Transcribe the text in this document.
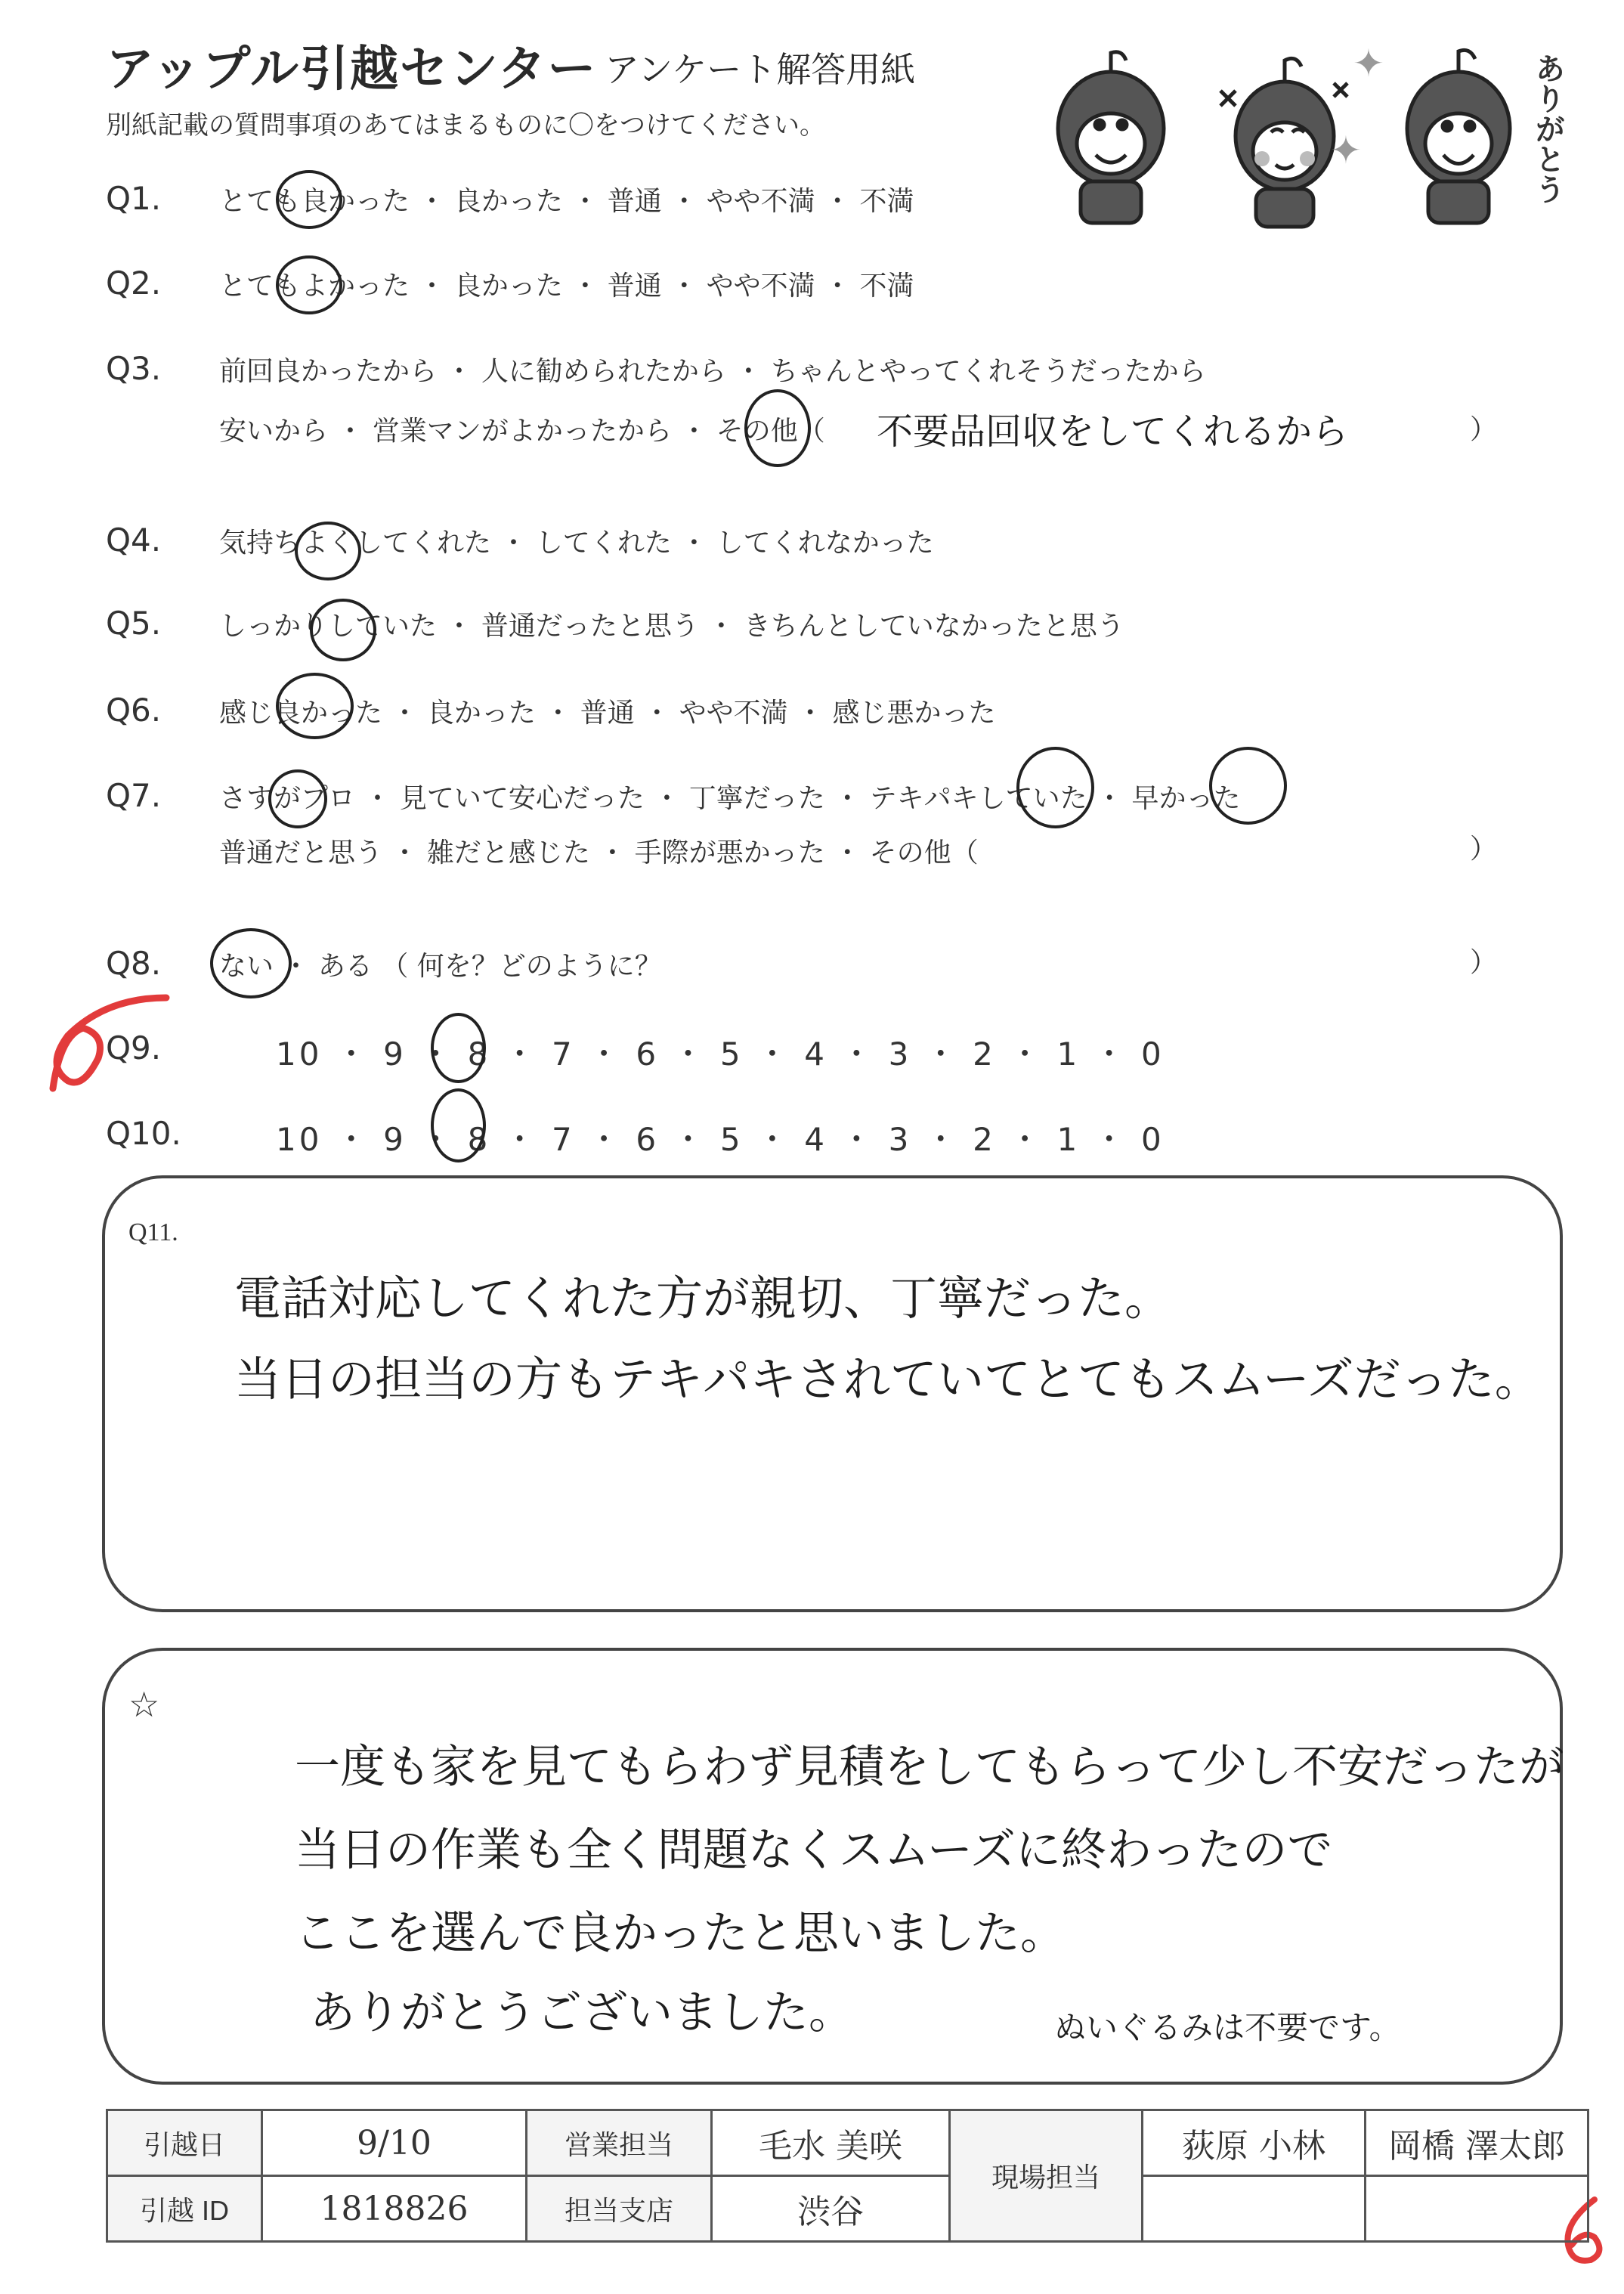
アップル引越センター アンケート解答用紙
別紙記載の質問事項のあてはまるものに〇をつけてください。
✦
✦	ありがとう
Q1. とても良かった ・ 良かった ・ 普通 ・ やや不満 ・ 不満
Q2. とてもよかった ・ 良かった ・ 普通 ・ やや不満 ・ 不満
Q3. 前回良かったから ・ 人に勧められたから ・ ちゃんとやってくれそうだったから
安いから ・ 営業マンがよかったから ・ その他（ 不要品回収をしてくれるから	）
Q4. 気持ちよくしてくれた ・ してくれた ・ してくれなかった
Q5. しっかりしていた ・ 普通だったと思う ・ きちんとしていなかったと思う
Q6. 感じ良かった ・ 良かった ・ 普通 ・ やや不満 ・ 感じ悪かった
Q7. さすがプロ ・ 見ていて安心だった ・ 丁寧だった ・ テキパキしていた ・ 早かった
普通だと思う ・ 雑だと感じた ・ 手際が悪かった ・ その他（	）
Q8. ない ・ ある （ 何を？どのように？	）
Q9.	10 ・ 9 ・ 8 ・ 7 ・ 6 ・ 5 ・ 4 ・ 3 ・ 2 ・ 1 ・ 0
Q10.	10 ・ 9 ・ 8 ・ 7 ・ 6 ・ 5 ・ 4 ・ 3 ・ 2 ・ 1 ・ 0
Q11.
電話対応してくれた方が親切、丁寧だった。
当日の担当の方もテキパキされていてとてもスムーズだった。
☆
一度も家を見てもらわず見積をしてもらって少し不安だったが
当日の作業も全く問題なくスムーズに終わったので
ここを選んで良かったと思いました。
ありがとうございました。	ぬいぐるみは不要です。
引越日	9/10	営業担当	毛水 美咲	現場担当	荻原 小林	岡橋 澤太郎
引越 ID	1818826	担当支店	渋谷			
